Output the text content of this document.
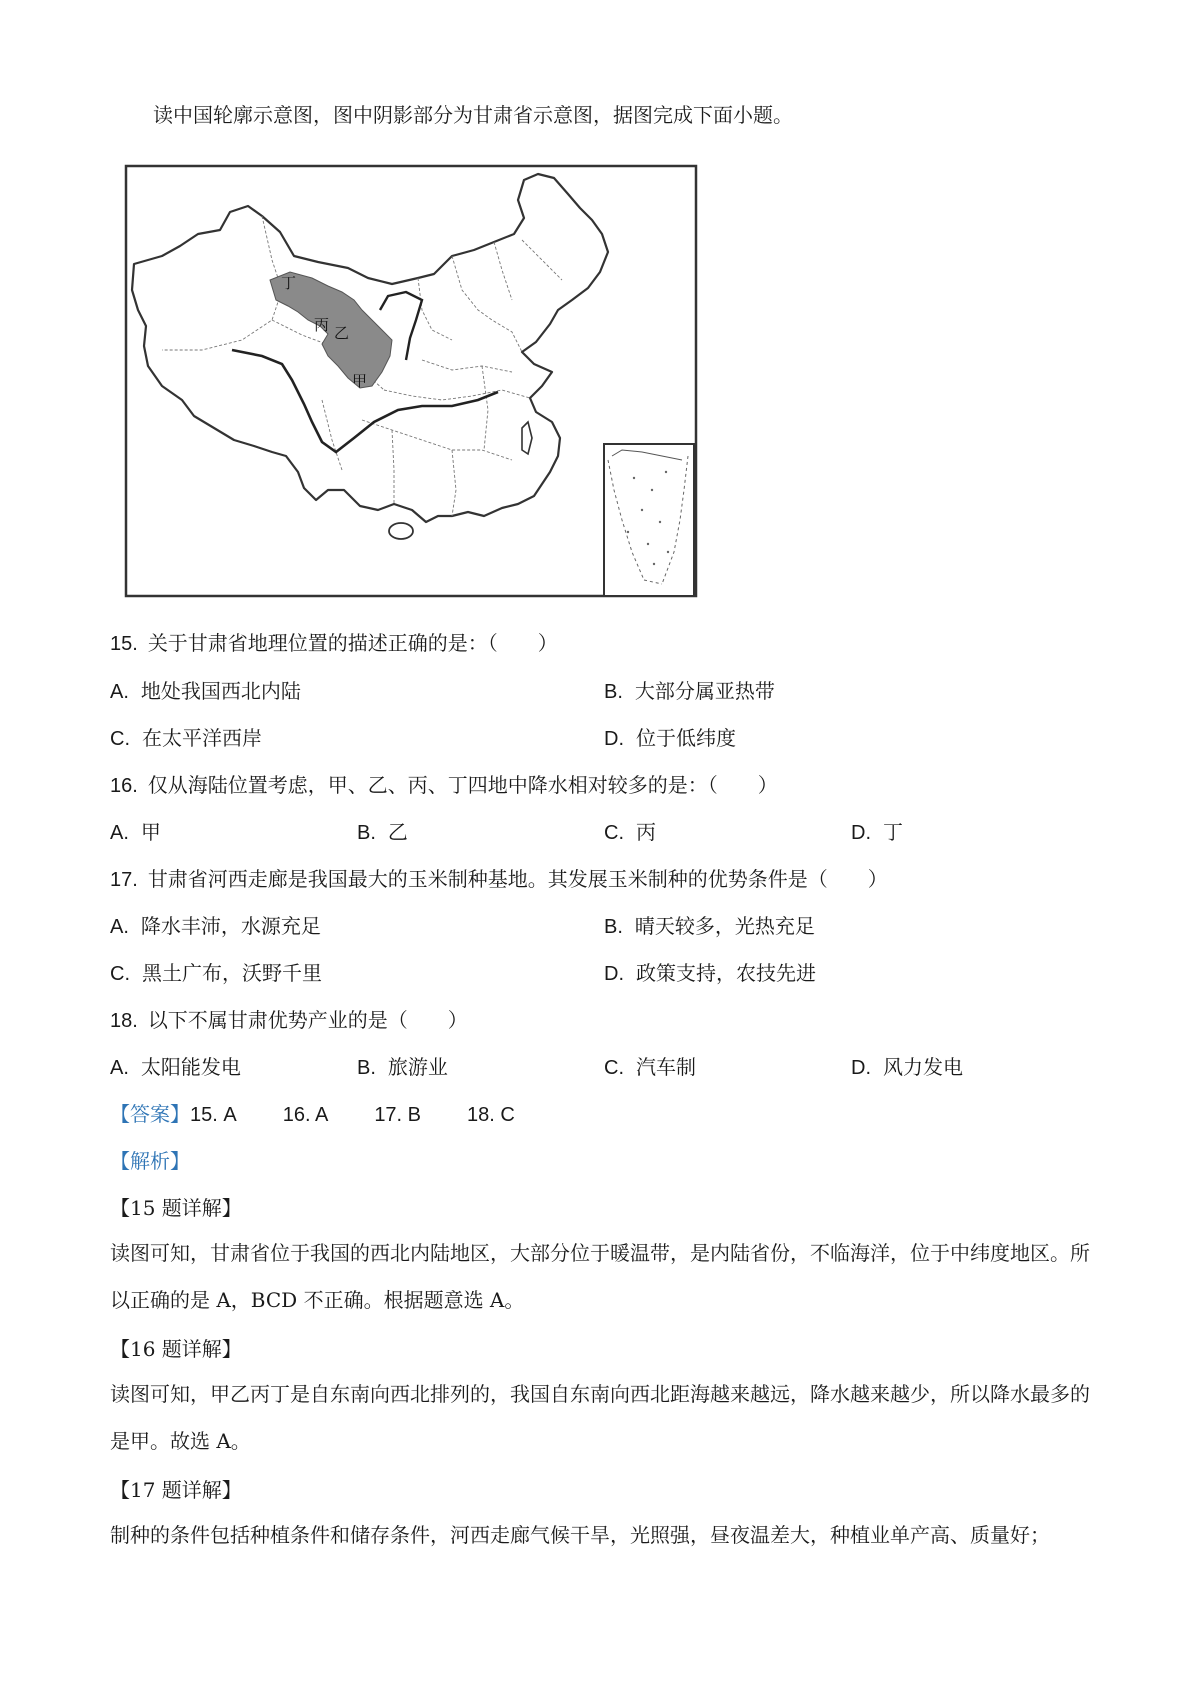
读中国轮廓示意图，图中阴影部分为甘肃省示意图，据图完成下面小题。
丁
丙 乙
甲
15. 关于甘肃省地理位置的描述正确的是：（　　）
A. 地处我国西北内陆	B. 大部分属亚热带
C. 在太平洋西岸	D. 位于低纬度
16. 仅从海陆位置考虑，甲、乙、丙、丁四地中降水相对较多的是：（　　）
A. 甲	B. 乙	C. 丙	D. 丁
17. 甘肃省河西走廊是我国最大的玉米制种基地。其发展玉米制种的优势条件是（　　）
A. 降水丰沛，水源充足	B. 晴天较多，光热充足
C. 黑土广布，沃野千里	D. 政策支持，农技先进
18. 以下不属甘肃优势产业的是（　　）
A. 太阳能发电	B. 旅游业	C. 汽车制	D. 风力发电
【答案】15. A 16. A 17. B 18. C
【解析】
【15 题详解】
读图可知，甘肃省位于我国的西北内陆地区，大部分位于暖温带，是内陆省份，不临海洋，位于中纬度地区。所以正确的是 A，BCD 不正确。根据题意选 A。
【16 题详解】
读图可知，甲乙丙丁是自东南向西北排列的，我国自东南向西北距海越来越远，降水越来越少，所以降水最多的是甲。故选 A。
【17 题详解】
制种的条件包括种植条件和储存条件，河西走廊气候干旱，光照强，昼夜温差大，种植业单产高、质量好；
